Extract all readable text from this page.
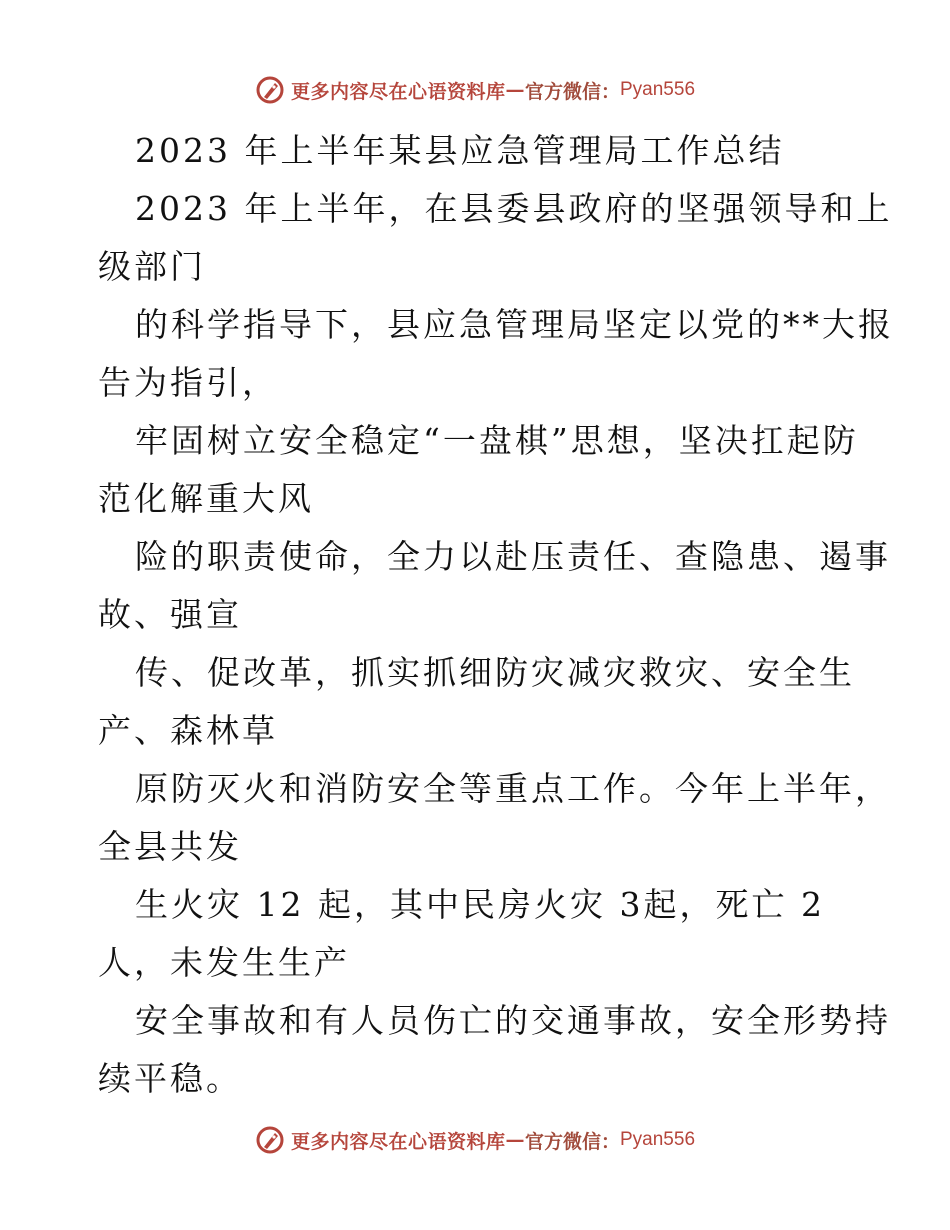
更多内容尽在心语资料库 — 官方微信： Pyan556
2023 年上半年某县应急管理局工作总结
2023 年上半年，在县委县政府的坚强领导和上
级部门
的科学指导下，县应急管理局坚定以党的**大报
告为指引，
牢固树立安全稳定“一盘棋”思想，坚决扛起防
范化解重大风
险的职责使命，全力以赴压责任、查隐患、遏事
故、强宣
传、促改革，抓实抓细防灾减灾救灾、安全生
产、森林草
原防灭火和消防安全等重点工作。今年上半年，
全县共发
生火灾 12 起，其中民房火灾 3起，死亡 2
人，未发生生产
安全事故和有人员伤亡的交通事故，安全形势持
续平稳。
更多内容尽在心语资料库 — 官方微信： Pyan556
